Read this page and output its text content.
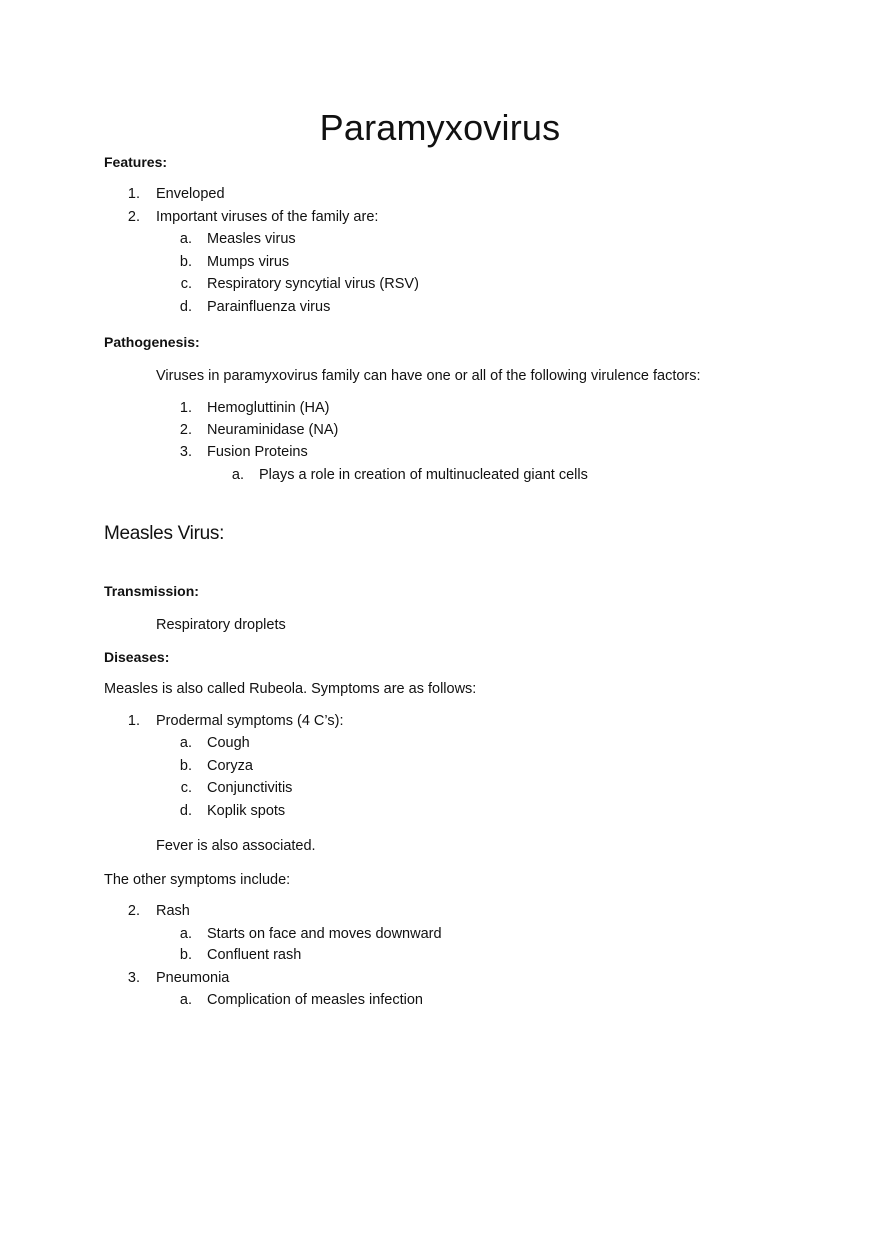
Paramyxovirus
Features:
1. Enveloped
2. Important viruses of the family are:
a. Measles virus
b. Mumps virus
c. Respiratory syncytial virus (RSV)
d. Parainfluenza virus
Pathogenesis:
Viruses in paramyxovirus family can have one or all of the following virulence factors:
1. Hemogluttinin (HA)
2. Neuraminidase (NA)
3. Fusion Proteins
a. Plays a role in creation of multinucleated giant cells
Measles Virus:
Transmission:
Respiratory droplets
Diseases:
Measles is also called Rubeola. Symptoms are as follows:
1. Prodermal symptoms (4 C’s):
a. Cough
b. Coryza
c. Conjunctivitis
d. Koplik spots
Fever is also associated.
The other symptoms include:
2. Rash
a. Starts on face and moves downward
b. Confluent rash
3. Pneumonia
a. Complication of measles infection
